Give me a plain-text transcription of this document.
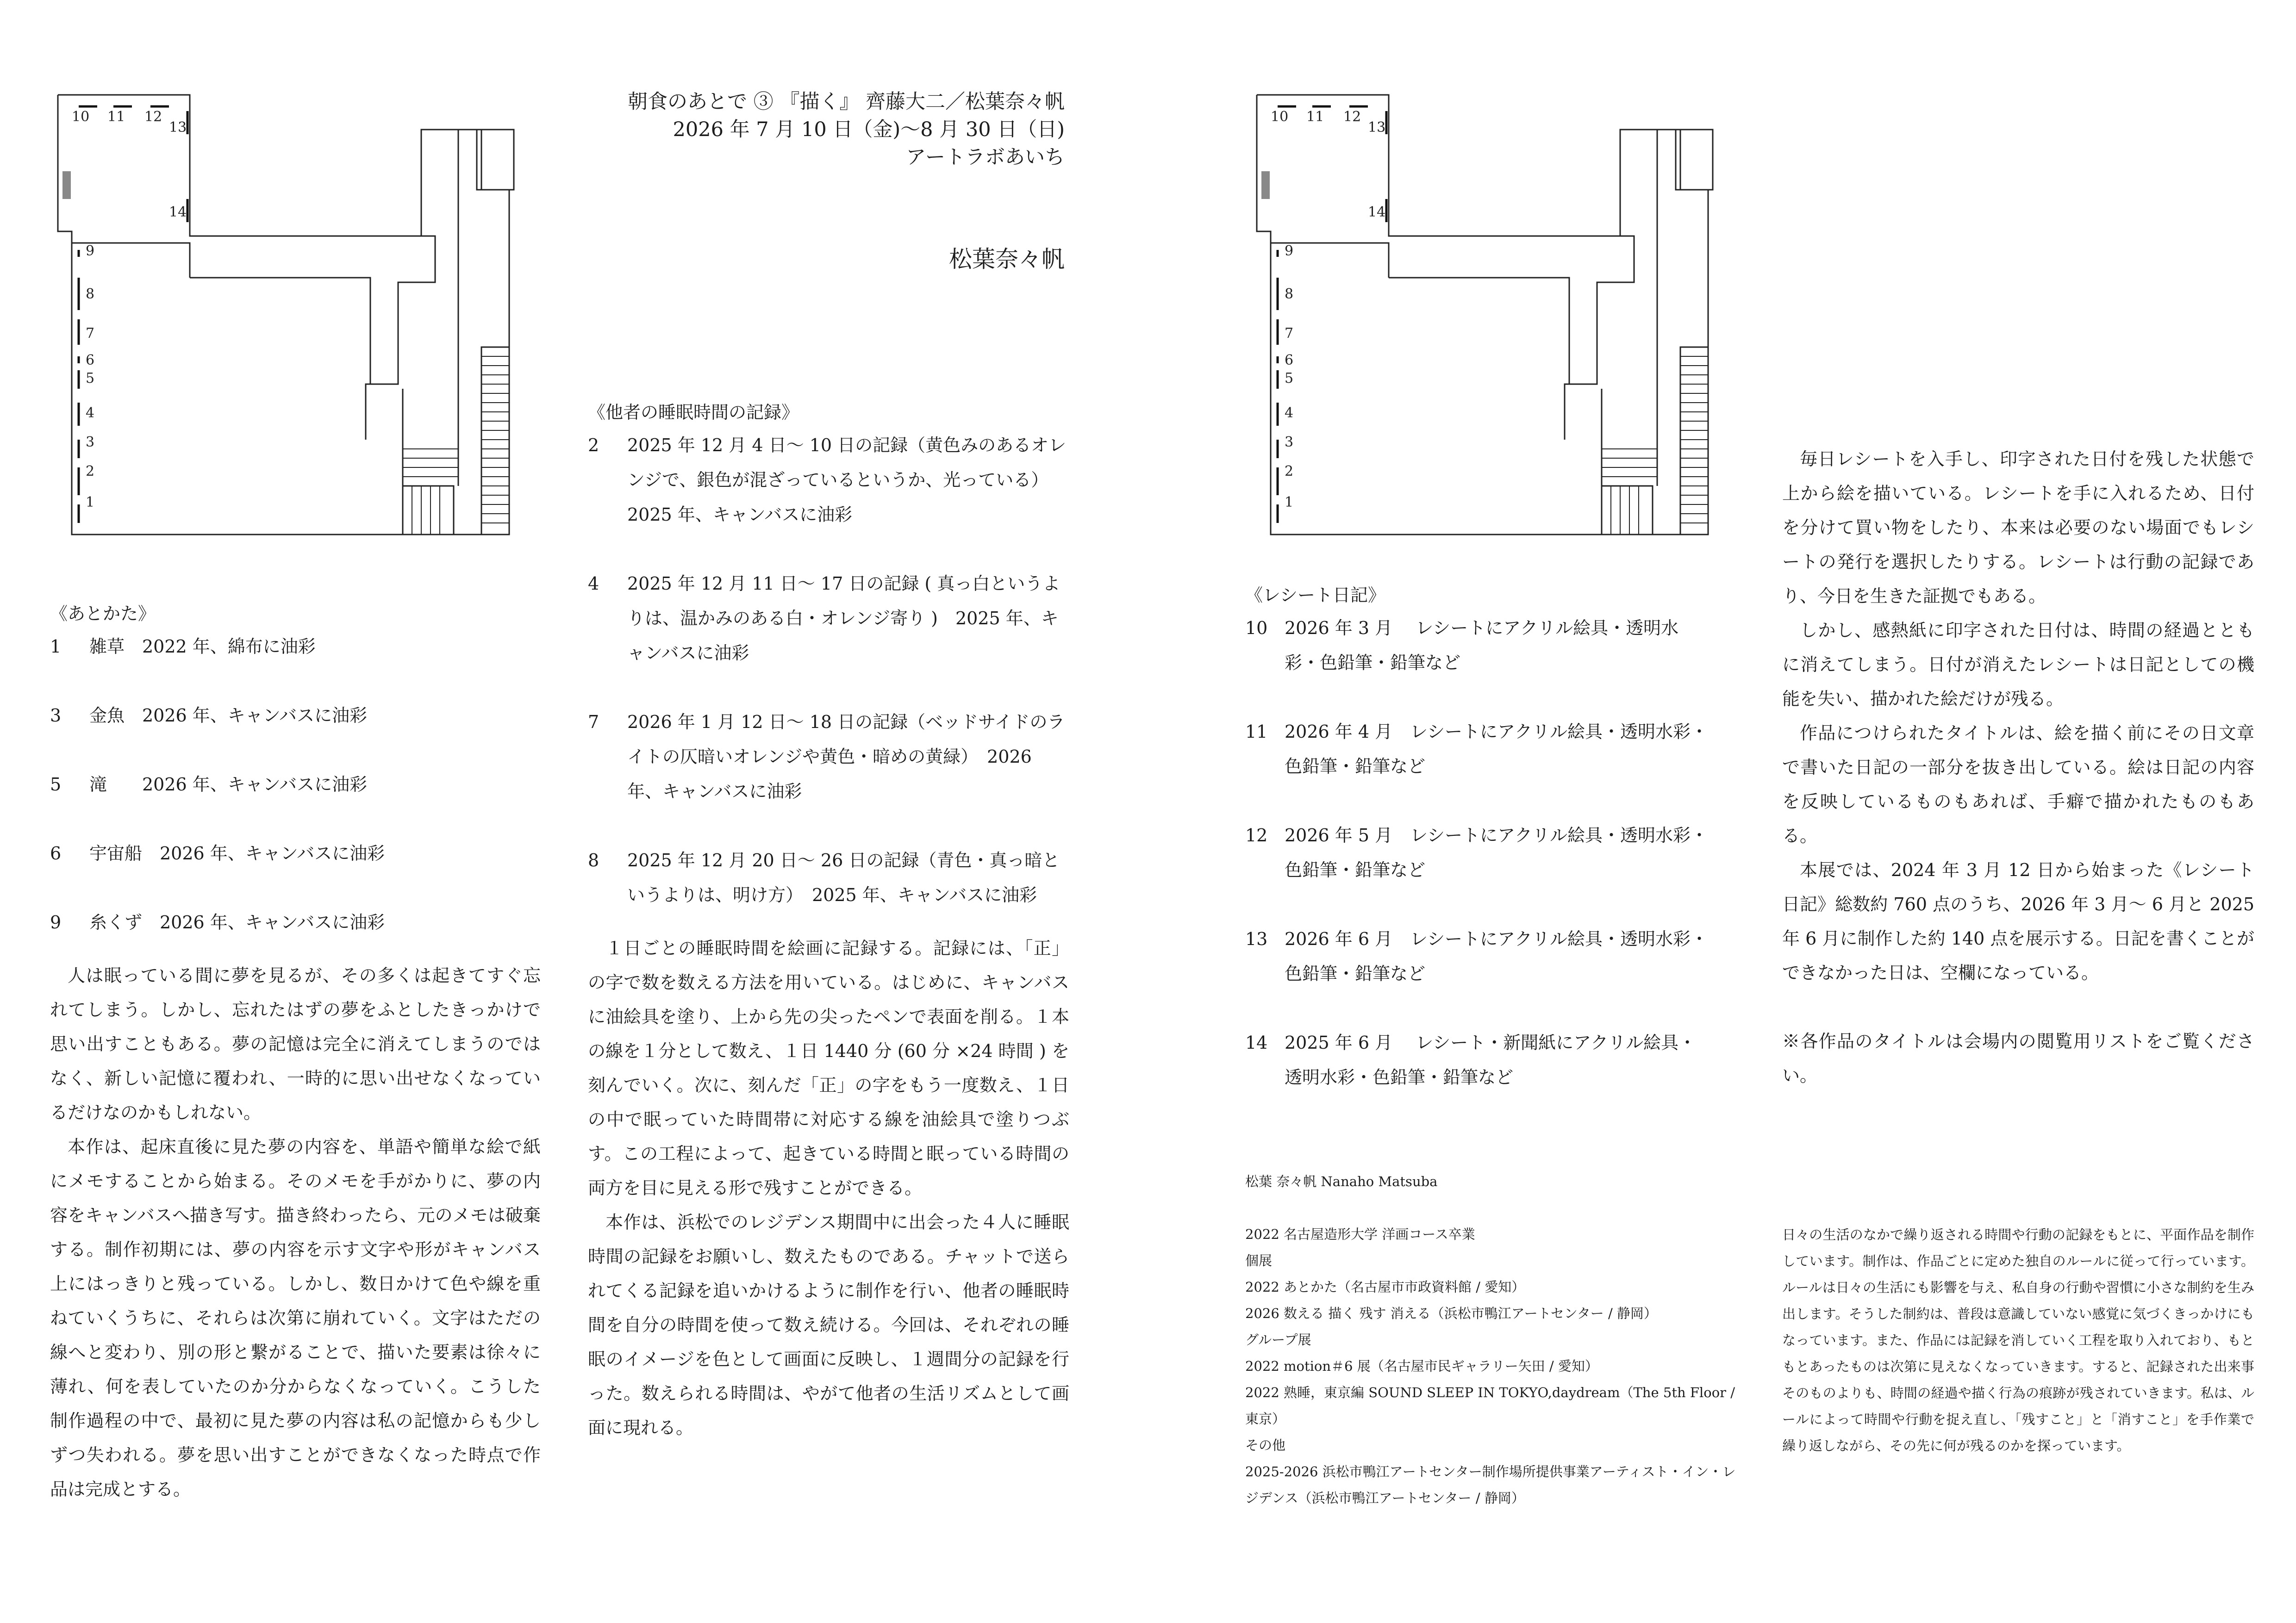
10 11 12
13
14
9
8
7
6
5
4
3
2
1
朝食のあとで ③ 『描く』 齊藤大二／松葉奈々帆
2026 年 7 月 10 日（金)〜8 月 30 日（日)
アートラボあいち
松葉奈々帆
《あとかた》
1	雑草　2022 年、綿布に油彩
3	金魚　2026 年、キャンバスに油彩
5	滝　　2026 年、キャンバスに油彩
6	宇宙船　2026 年、キャンバスに油彩
9	糸くず　2026 年、キャンバスに油彩

人は眠っている間に夢を見るが、その多くは起きてすぐ忘れてしまう。しかし、忘れたはずの夢をふとしたきっかけで思い出すこともある。夢の記憶は完全に消えてしまうのではなく、新しい記憶に覆われ、一時的に思い出せなくなっているだけなのかもしれない。

本作は、起床直後に見た夢の内容を、単語や簡単な絵で紙にメモすることから始まる。そのメモを手がかりに、夢の内容をキャンバスへ描き写す。描き終わったら、元のメモは破棄する。制作初期には、夢の内容を示す文字や形がキャンバス上にはっきりと残っている。しかし、数日かけて色や線を重ねていくうちに、それらは次第に崩れていく。文字はただの線へと変わり、別の形と繋がることで、描いた要素は徐々に薄れ、何を表していたのか分からなくなっていく。こうした制作過程の中で、最初に見た夢の内容は私の記憶からも少しずつ失われる。夢を思い出すことができなくなった時点で作品は完成とする。

《他者の睡眠時間の記録》
2	2025 年 12 月 4 日〜 10 日の記録（黄色みのあるオレンジで、銀色が混ざっているというか、光っている）　2025 年、キャンバスに油彩
4	2025 年 12 月 11 日〜 17 日の記録 ( 真っ白というよりは、温かみのある白・オレンジ寄り )　2025 年、キャンバスに油彩
7	2026 年 1 月 12 日〜 18 日の記録（ベッドサイドのライトの仄暗いオレンジや黄色・暗めの黄緑）　2026 年、キャンバスに油彩
8	2025 年 12 月 20 日〜 26 日の記録（青色・真っ暗というよりは、明け方）　2025 年、キャンバスに油彩

１日ごとの睡眠時間を絵画に記録する。記録には、「正」の字で数を数える方法を用いている。はじめに、キャンバスに油絵具を塗り、上から先の尖ったペンで表面を削る。１本の線を１分として数え、１日 1440 分 (60 分 ×24 時間 ) を刻んでいく。次に、刻んだ「正」の字をもう一度数え、１日の中で眠っていた時間帯に対応する線を油絵具で塗りつぶす。この工程によって、起きている時間と眠っている時間の両方を目に見える形で残すことができる。

本作は、浜松でのレジデンス期間中に出会った４人に睡眠時間の記録をお願いし、数えたものである。チャットで送られてくる記録を追いかけるように制作を行い、他者の睡眠時間を自分の時間を使って数え続ける。今回は、それぞれの睡眠のイメージを色として画面に反映し、１週間分の記録を行った。数えられる時間は、やがて他者の生活リズムとして画面に現れる。

10 11 12
13
14
9
8
7
6
5
4
3
2
1
《レシート日記》
10 2026 年 3 月　 レシートにアクリル絵具・透明水彩・色鉛筆・鉛筆など
11 2026 年 4 月　レシートにアクリル絵具・透明水彩・色鉛筆・鉛筆など
12 2026 年 5 月　レシートにアクリル絵具・透明水彩・色鉛筆・鉛筆など
13 2026 年 6 月　レシートにアクリル絵具・透明水彩・色鉛筆・鉛筆など
14 2025 年 6 月　 レシート・新聞紙にアクリル絵具・透明水彩・色鉛筆・鉛筆など

毎日レシートを入手し、印字された日付を残した状態で上から絵を描いている。レシートを手に入れるため、日付を分けて買い物をしたり、本来は必要のない場面でもレシートの発行を選択したりする。レシートは行動の記録であり、今日を生きた証拠でもある。

しかし、感熱紙に印字された日付は、時間の経過とともに消えてしまう。日付が消えたレシートは日記としての機能を失い、描かれた絵だけが残る。

作品につけられたタイトルは、絵を描く前にその日文章で書いた日記の一部分を抜き出している。絵は日記の内容を反映しているものもあれば、手癖で描かれたものもある。

本展では、2024 年 3 月 12 日から始まった《レシート日記》総数約 760 点のうち、2026 年 3 月〜 6 月と 2025 年 6 月に制作した約 140 点を展示する。日記を書くことができなかった日は、空欄になっている。

※各作品のタイトルは会場内の閲覧用リストをご覧ください。
松葉 奈々帆 Nanaho Matsuba

2022 名古屋造形大学 洋画コース卒業

個展

2022 あとかた（名古屋市市政資料館 / 愛知）

2026 数える 描く 残す 消える（浜松市鴨江アートセンター / 静岡）

グループ展

2022 motion＃6 展（名古屋市民ギャラリー矢田 / 愛知）

2022 熟睡，東京編 SOUND SLEEP IN TOKYO,daydream（The 5th Floor / 東京）

その他

2025-2026 浜松市鴨江アートセンター制作場所提供事業アーティスト・イン・レジデンス（浜松市鴨江アートセンター / 静岡）

日々の生活のなかで繰り返される時間や行動の記録をもとに、平面作品を制作しています。制作は、作品ごとに定めた独自のルールに従って行っています。ルールは日々の生活にも影響を与え、私自身の行動や習慣に小さな制約を生み出します。そうした制約は、普段は意識していない感覚に気づくきっかけにもなっています。また、作品には記録を消していく工程を取り入れており、もともとあったものは次第に見えなくなっていきます。すると、記録された出来事そのものよりも、時間の経過や描く行為の痕跡が残されていきます。私は、ルールによって時間や行動を捉え直し、「残すこと」と「消すこと」を手作業で繰り返しながら、その先に何が残るのかを探っています。
